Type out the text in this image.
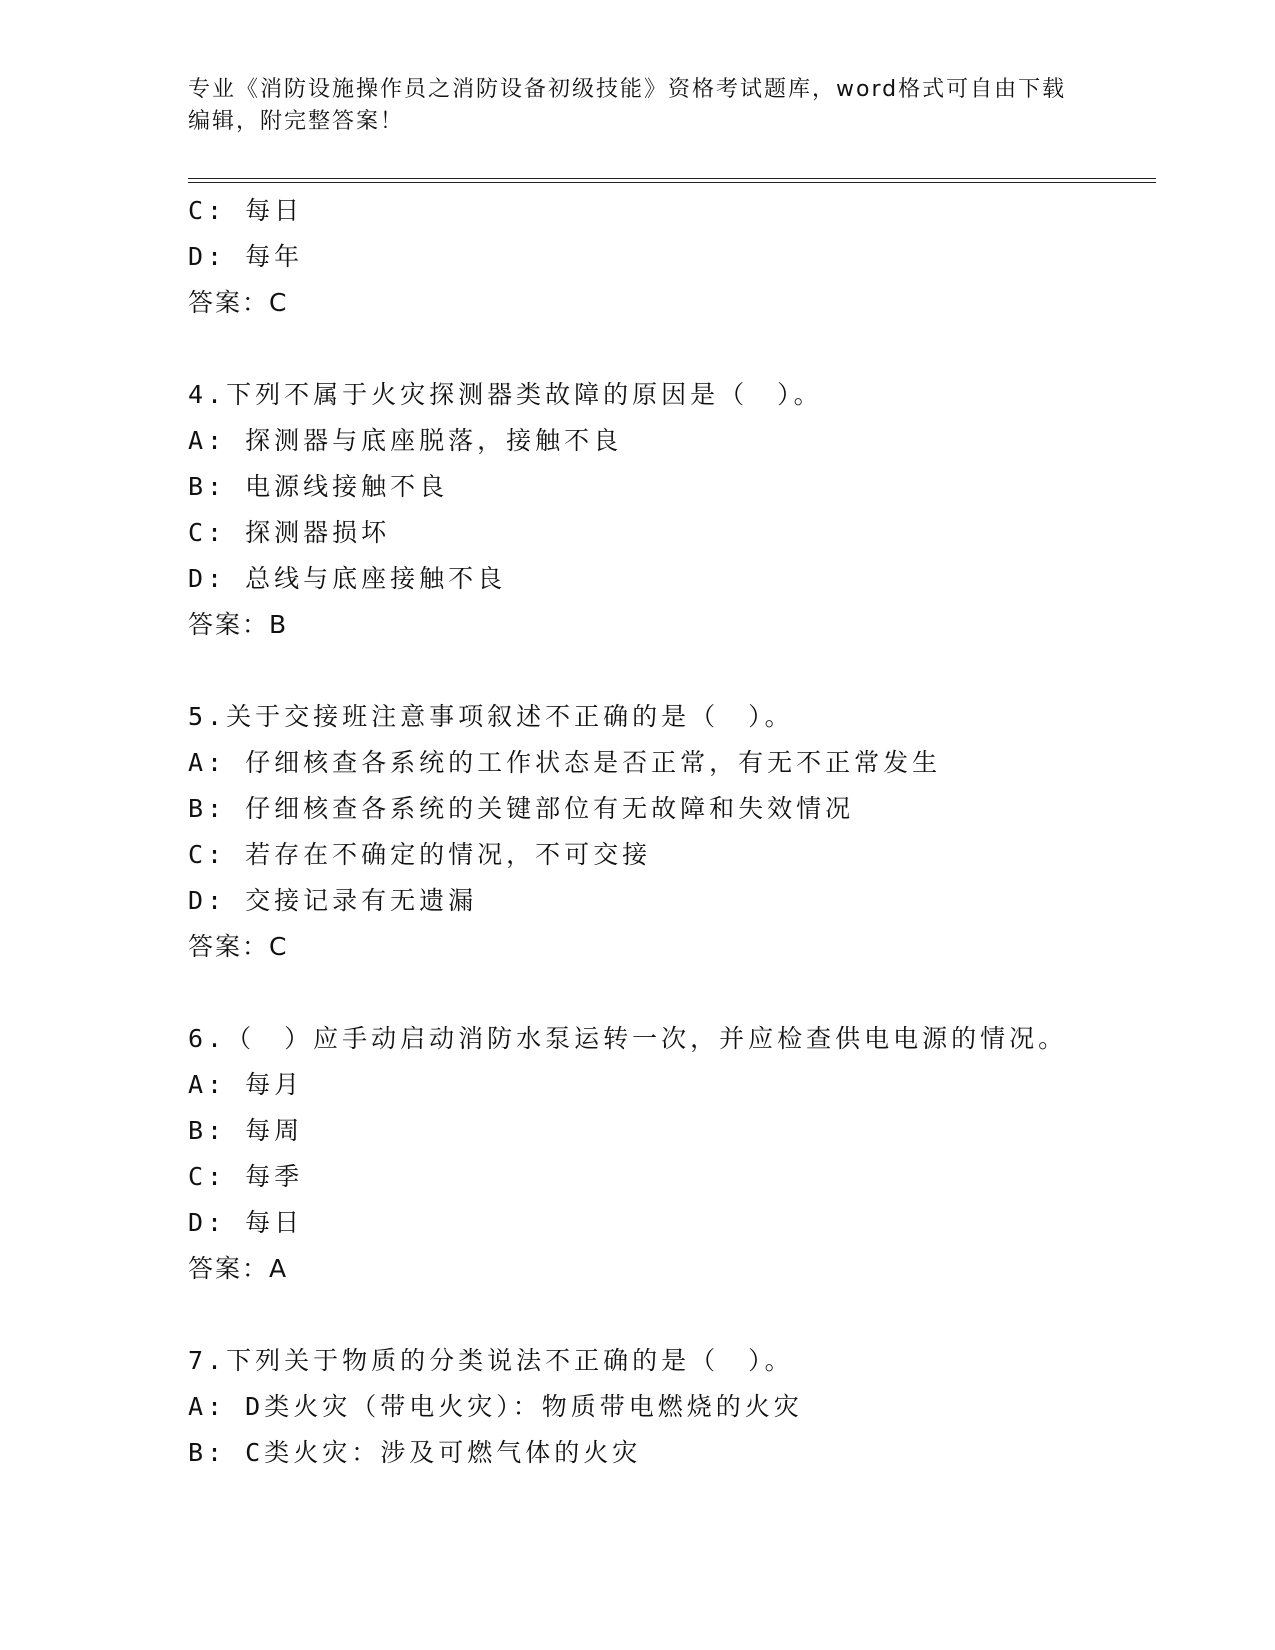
专业《消防设施操作员之消防设备初级技能》资格考试题库，word格式可自由下载编辑，附完整答案！
C: 每日
D: 每年
答案：C
4.下列不属于火灾探测器类故障的原因是（　）。
A: 探测器与底座脱落，接触不良
B: 电源线接触不良
C: 探测器损坏
D: 总线与底座接触不良
答案：B
5.关于交接班注意事项叙述不正确的是（　）。
A: 仔细核查各系统的工作状态是否正常，有无不正常发生
B: 仔细核查各系统的关键部位有无故障和失效情况
C: 若存在不确定的情况，不可交接
D: 交接记录有无遗漏
答案：C
6.（　）应手动启动消防水泵运转一次，并应检查供电电源的情况。
A: 每月
B: 每周
C: 每季
D: 每日
答案：A
7.下列关于物质的分类说法不正确的是（　）。
A: D类火灾（带电火灾）：物质带电燃烧的火灾
B: C类火灾：涉及可燃气体的火灾
